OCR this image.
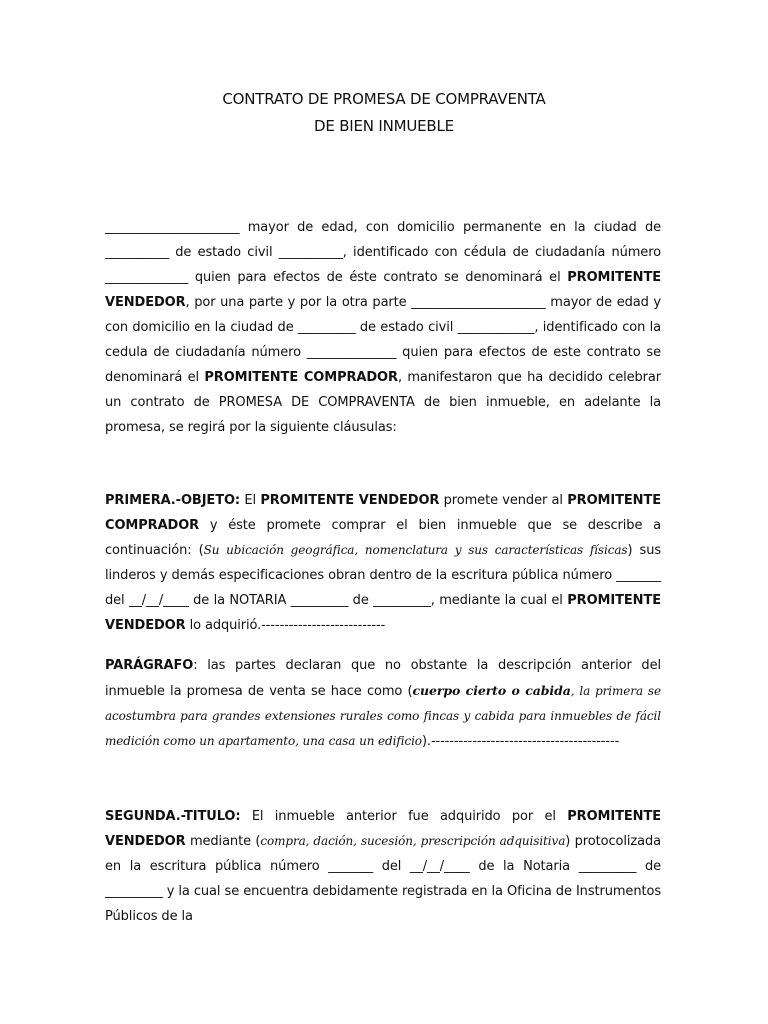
CONTRATO DE PROMESA DE COMPRAVENTA
DE BIEN INMUEBLE

_____________________ mayor de edad, con domicilio permanente en la ciudad de __________ de estado civil __________, identificado con cédula de ciudadanía número _____________ quien para efectos de éste contrato se denominará el PROMITENTE VENDEDOR, por una parte y por la otra parte _____________________ mayor de edad y con domicilio en la ciudad de _________ de estado civil ____________, identificado con la cedula de ciudadanía número ______________ quien para efectos de este contrato se denominará el PROMITENTE COMPRADOR, manifestaron que ha decidido celebrar un contrato de PROMESA DE COMPRAVENTA de bien inmueble, en adelante la promesa, se regirá por la siguiente cláusulas:

PRIMERA.-OBJETO: El PROMITENTE VENDEDOR promete vender al PROMITENTE COMPRADOR y éste promete comprar el bien inmueble que se describe a continuación: (Su ubicación geográfica, nomenclatura y sus características físicas) sus linderos y demás especificaciones obran dentro de la escritura pública número _______ del __/__/____ de la NOTARIA _________ de _________, mediante la cual el PROMITENTE VENDEDOR lo adquirió.---------------------------

PARÁGRAFO: las partes declaran que no obstante la descripción anterior del inmueble la promesa de venta se hace como (cuerpo cierto o cabida, la primera se acostumbra para grandes extensiones rurales como fincas y cabida para inmuebles de fácil medición como un apartamento, una casa un edificio).-----------------------------------------

SEGUNDA.-TITULO: El inmueble anterior fue adquirido por el PROMITENTE VENDEDOR mediante (compra, dación, sucesión, prescripción adquisitiva) protocolizada en la escritura pública número _______ del __/__/____ de la Notaria _________ de _________ y la cual se encuentra debidamente registrada en la Oficina de Instrumentos Públicos de la
